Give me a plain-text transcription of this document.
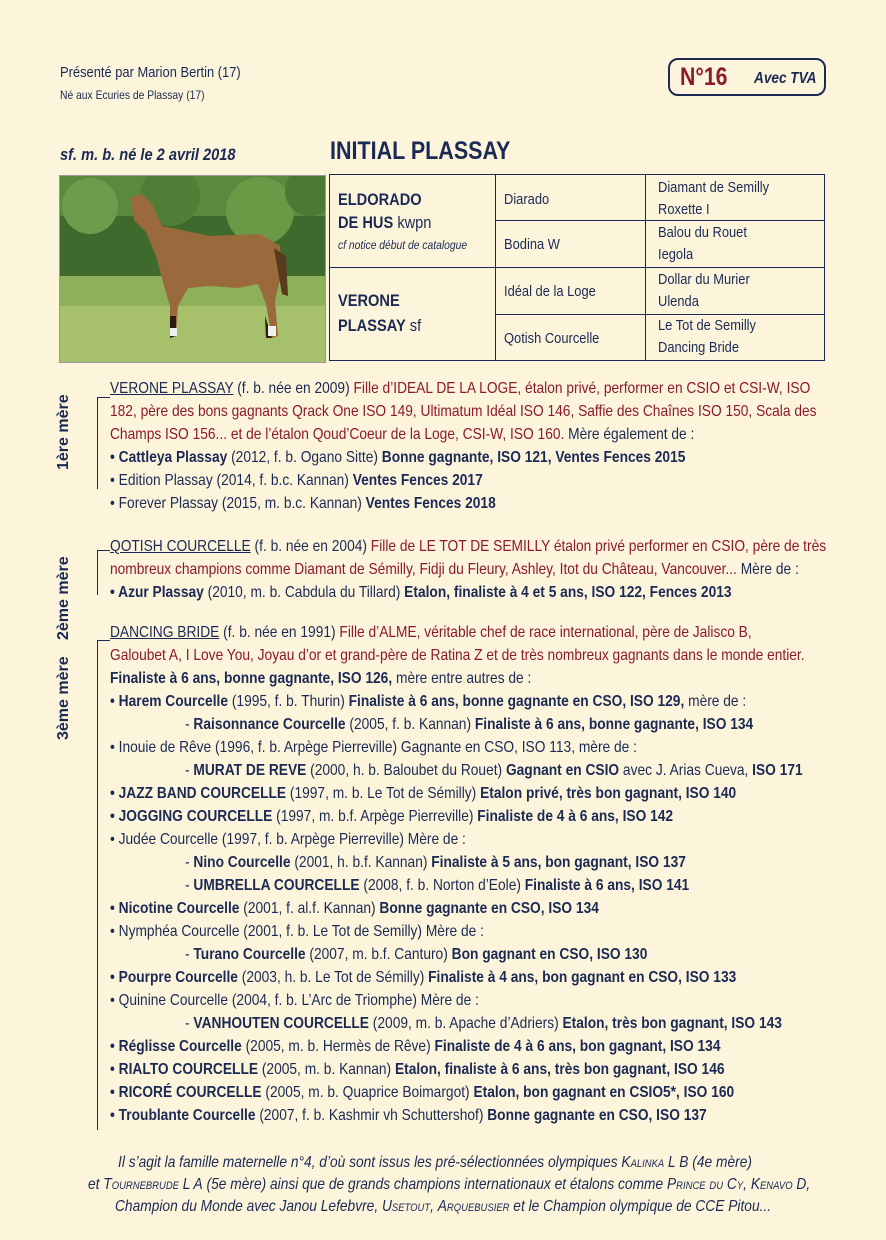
Présenté par Marion Bertin (17)
Né aux Ecuries de Plassay (17)
N°16 Avec TVA
sf. m. b. né le 2 avril 2018	INITIAL PLASSAY
ELDORADO
DE HUS kwpn
cf notice début de catalogue
VERONE
PLASSAY sf
Diarado
Bodina W
Idéal de la Loge
Qotish Courcelle
Diamant de Semilly
Roxette I
Balou du Rouet
Iegola
Dollar du Murier
Ulenda
Le Tot de Semilly
Dancing Bride
1ère mère
2ème mère
3ème mère
VERONE PLASSAY (f. b. née en 2009) Fille d’IDEAL DE LA LOGE, étalon privé, performer en CSIO et CSI-W, ISO
182, père des bons gagnants Qrack One ISO 149, Ultimatum Idéal ISO 146, Saffie des Chaînes ISO 150, Scala des
Champs ISO 156... et de l’étalon Qoud’Coeur de la Loge, CSI-W, ISO 160. Mère également de :
• Cattleya Plassay (2012, f. b. Ogano Sitte) Bonne gagnante, ISO 121, Ventes Fences 2015
• Edition Plassay (2014, f. b.c. Kannan) Ventes Fences 2017
• Forever Plassay (2015, m. b.c. Kannan) Ventes Fences 2018
QOTISH COURCELLE (f. b. née en 2004) Fille de LE TOT DE SEMILLY étalon privé performer en CSIO, père de très
nombreux champions comme Diamant de Sémilly, Fidji du Fleury, Ashley, Itot du Château, Vancouver... Mère de :
• Azur Plassay (2010, m. b. Cabdula du Tillard) Etalon, finaliste à 4 et 5 ans, ISO 122, Fences 2013
DANCING BRIDE (f. b. née en 1991) Fille d’ALME, véritable chef de race international, père de Jalisco B,
Galoubet A, I Love You, Joyau d’or et grand-père de Ratina Z et de très nombreux gagnants dans le monde entier.
Finaliste à 6 ans, bonne gagnante, ISO 126, mère entre autres de :
• Harem Courcelle (1995, f. b. Thurin) Finaliste à 6 ans, bonne gagnante en CSO, ISO 129, mère de :
- Raisonnance Courcelle (2005, f. b. Kannan) Finaliste à 6 ans, bonne gagnante, ISO 134
• Inouie de Rêve (1996, f. b. Arpège Pierreville) Gagnante en CSO, ISO 113, mère de :
- MURAT DE REVE (2000, h. b. Baloubet du Rouet) Gagnant en CSIO avec J. Arias Cueva, ISO 171
• JAZZ BAND COURCELLE (1997, m. b. Le Tot de Sémilly) Etalon privé, très bon gagnant, ISO 140
• JOGGING COURCELLE (1997, m. b.f. Arpège Pierreville) Finaliste de 4 à 6 ans, ISO 142
• Judée Courcelle (1997, f. b. Arpège Pierreville) Mère de :
- Nino Courcelle (2001, h. b.f. Kannan) Finaliste à 5 ans, bon gagnant, ISO 137
- UMBRELLA COURCELLE (2008, f. b. Norton d’Eole) Finaliste à 6 ans, ISO 141
• Nicotine Courcelle (2001, f. al.f. Kannan) Bonne gagnante en CSO, ISO 134
• Nymphéa Courcelle (2001, f. b. Le Tot de Semilly) Mère de :
- Turano Courcelle (2007, m. b.f. Canturo) Bon gagnant en CSO, ISO 130
• Pourpre Courcelle (2003, h. b. Le Tot de Sémilly) Finaliste à 4 ans, bon gagnant en CSO, ISO 133
• Quinine Courcelle (2004, f. b. L’Arc de Triomphe) Mère de :
- VANHOUTEN COURCELLE (2009, m. b. Apache d’Adriers) Etalon, très bon gagnant, ISO 143
• Réglisse Courcelle (2005, m. b. Hermès de Rêve) Finaliste de 4 à 6 ans, bon gagnant, ISO 134
• RIALTO COURCELLE (2005, m. b. Kannan) Etalon, finaliste à 6 ans, très bon gagnant, ISO 146
• RICORÉ COURCELLE (2005, m. b. Quaprice Boimargot) Etalon, bon gagnant en CSIO5*, ISO 160
• Troublante Courcelle (2007, f. b. Kashmir vh Schuttershof) Bonne gagnante en CSO, ISO 137
Il s’agit la famille maternelle n°4, d’où sont issus les pré-sélectionnées olympiques Kalinka L B (4e mère)
et Tournebrude L A (5e mère) ainsi que de grands champions internationaux et étalons comme Prince du Cy, Kenavo D,
Champion du Monde avec Janou Lefebvre, Usetout, Arquebusier et le Champion olympique de CCE Pitou...
